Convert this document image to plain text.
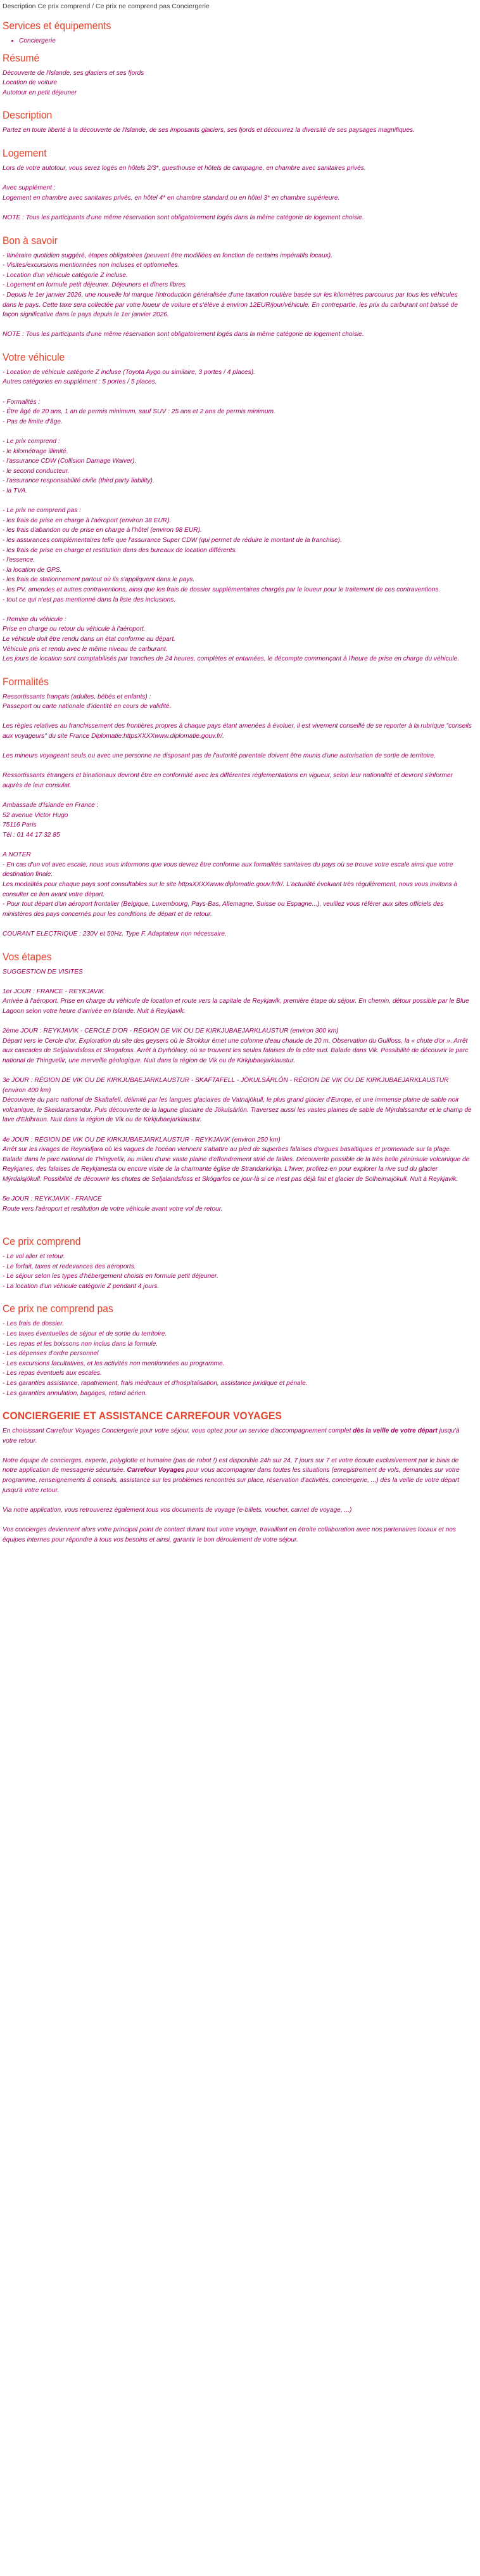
Description Ce prix comprend / Ce prix ne comprend pas Conciergerie
Services et équipements
• Conciergerie
Résumé

Découverte de l'Islande, ses glaciers et ses fjords

Location de voiture

Autotour en petit déjeuner

Description

Partez en toute liberté à la découverte de l'Islande, de ses imposants glaciers, ses fjords et découvrez la diversité de ses paysages magnifiques.

Logement

Lors de votre autotour, vous serez logés en hôtels 2/3*, guesthouse et hôtels de campagne, en chambre avec sanitaires privés.

Avec supplément :

Logement en chambre avec sanitaires privés, en hôtel 4* en chambre standard ou en hôtel 3* en chambre supérieure.

NOTE : Tous les participants d'une même réservation sont obligatoirement logés dans la même catégorie de logement choisie.

Bon à savoir

- Itinéraire quotidien suggéré, étapes obligatoires (peuvent être modifiées en fonction de certains impératifs locaux).

- Visites/excursions mentionnées non incluses et optionnelles.

- Location d'un véhicule catégorie Z incluse.

- Logement en formule petit déjeuner. Déjeuners et dîners libres.

- Depuis le 1er janvier 2026, une nouvelle loi marque l'introduction généralisée d'une taxation routière basée sur les kilomètres parcourus par tous les véhicules dans le pays. Cette taxe sera collectée par votre loueur de voiture et s'élève à environ 12EUR/jour/véhicule. En contrepartie, les prix du carburant ont baissé de façon significative dans le pays depuis le 1er janvier 2026.

NOTE : Tous les participants d'une même réservation sont obligatoirement logés dans la même catégorie de logement choisie.

Votre véhicule

- Location de véhicule catégorie Z incluse (Toyota Aygo ou similaire, 3 portes / 4 places).

Autres catégories en supplément : 5 portes / 5 places.

- Formalités :

- Être âgé de 20 ans, 1 an de permis minimum, sauf SUV : 25 ans et 2 ans de permis minimum.

- Pas de limite d'âge.

- Le prix comprend :

- le kilométrage illimité.

- l'assurance CDW (Collision Damage Waiver).

- le second conducteur.

- l'assurance responsabilité civile (third party liability).

- la TVA.

- Le prix ne comprend pas :

- les frais de prise en charge à l'aéroport (environ 38 EUR).

- les frais d'abandon ou de prise en charge à l'hôtel (environ 98 EUR).

- les assurances complémentaires telle que l'assurance Super CDW (qui permet de réduire le montant de la franchise).

- les frais de prise en charge et restitution dans des bureaux de location différents.

- l'essence.

- la location de GPS.

- les frais de stationnement partout où ils s'appliquent dans le pays.

- les PV, amendes et autres contraventions, ainsi que les frais de dossier supplémentaires chargés par le loueur pour le traitement de ces contraventions.

- tout ce qui n'est pas mentionné dans la liste des inclusions.

- Remise du véhicule :

Prise en charge ou retour du véhicule à l'aéroport.

Le véhicule doit être rendu dans un état conforme au départ.

Véhicule pris et rendu avec le même niveau de carburant.

Les jours de location sont comptabilisés par tranches de 24 heures, complètes et entamées, le décompte commençant à l'heure de prise en charge du véhicule.

Formalités

Ressortissants français (adultes, bébés et enfants) :

Passeport ou carte nationale d'identité en cours de validité.

Les règles relatives au franchissement des frontières propres à chaque pays étant amenées à évoluer, il est vivement conseillé de se reporter à la rubrique "conseils aux voyageurs" du site France Diplomatie:httpsXXXXwww.diplomatie.gouv.fr/.

Les mineurs voyageant seuls ou avec une personne ne disposant pas de l'autorité parentale doivent être munis d'une autorisation de sortie de territoire.

Ressortissants étrangers et binationaux devront être en conformité avec les différentes réglementations en vigueur, selon leur nationalité et devront s'informer auprès de leur consulat.

Ambassade d'Islande en France :

52 avenue Victor Hugo

75116 Paris

Tél : 01 44 17 32 85

A NOTER

- En cas d'un vol avec escale, nous vous informons que vous devrez être conforme aux formalités sanitaires du pays où se trouve votre escale ainsi que votre destination finale.

Les modalités pour chaque pays sont consultables sur le site httpsXXXXwww.diplomatie.gouv.fr/fr/. L'actualité évoluant très régulièrement, nous vous invitons à consulter ce lien avant votre départ.

- Pour tout départ d'un aéroport frontalier (Belgique, Luxembourg, Pays-Bas, Allemagne, Suisse ou Espagne...), veuillez vous référer aux sites officiels des ministères des pays concernés pour les conditions de départ et de retour.

COURANT ELECTRIQUE : 230V et 50Hz. Type F. Adaptateur non nécessaire.

Vos étapes

SUGGESTION DE VISITES

1er JOUR : FRANCE - REYKJAVIK

Arrivée à l'aéroport. Prise en charge du véhicule de location et route vers la capitale de Reykjavik, première étape du séjour. En chemin, détour possible par le Blue Lagoon selon votre heure d'arrivée en Islande. Nuit à Reykjavik.

2ème JOUR : REYKJAVIK - CERCLE D'OR - RÉGION DE VIK OU DE KIRKJUBAEJARKLAUSTUR (environ 300 km)

Départ vers le Cercle d'or. Exploration du site des geysers où le Strokkur émet une colonne d'eau chaude de 20 m. Observation du Gullfoss, la « chute d'or ». Arrêt aux cascades de Seljalandsfoss et Skogafoss. Arrêt à Dyrhólaey, où se trouvent les seules falaises de la côte sud. Balade dans Vik. Possibilité de découvrir le parc national de Thingvellir, une merveille géologique. Nuit dans la région de Vik ou de Kirkjubaejarklaustur.

3e JOUR : RÉGION DE VIK OU DE KIRKJUBAEJARKLAUSTUR - SKAFTAFELL - JÖKULSÁRLÓN - RÉGION DE VIK OU DE KIRKJUBAEJARKLAUSTUR (environ 400 km)

Découverte du parc national de Skaftafell, délimité par les langues glaciaires de Vatnajökull, le plus grand glacier d'Europe, et une immense plaine de sable noir volcanique, le Skeidararsandur. Puis découverte de la lagune glaciaire de Jökulsárlón. Traversez aussi les vastes plaines de sable de Mýrdalssandur et le champ de lave d'Eldhraun. Nuit dans la région de Vik ou de Kirkjubaejarklaustur.

4e JOUR : RÉGION DE VIK OU DE KIRKJUBAEJARKLAUSTUR - REYKJAVIK (environ 250 km)

Arrêt sur les rivages de Reynisfjara où les vagues de l'océan viennent s'abattre au pied de superbes falaises d'orgues basaltiques et promenade sur la plage. Balade dans le parc national de Thingvellir, au milieu d'une vaste plaine d'effondrement strié de failles. Découverte possible de la très belle péninsule volcanique de Reykjanes, des falaises de Reykjanesta ou encore visite de la charmante église de Strandarkirkja. L'hiver, profitez-en pour explorer la rive sud du glacier Mýrdalsjökull. Possibilité de découvrir les chutes de Seljalandsfoss et Skógarfos ce jour-là si ce n'est pas déjà fait et glacier de Solheimajökull. Nuit à Reykjavik.

5e JOUR : REYKJAVIK - FRANCE

Route vers l'aéroport et restitution de votre véhicule avant votre vol de retour.

Ce prix comprend

- Le vol aller et retour.

- Le forfait, taxes et redevances des aéroports.

- Le séjour selon les types d'hébergement choisis en formule petit déjeuner.

- La location d'un véhicule catégorie Z pendant 4 jours.

Ce prix ne comprend pas

- Les frais de dossier.

- Les taxes éventuelles de séjour et de sortie du territoire.

- Les repas et les boissons non inclus dans la formule.

- Les dépenses d'ordre personnel

- Les excursions facultatives, et les activités non mentionnées au programme.

- Les repas éventuels aux escales.

- Les garanties assistance, rapatriement, frais médicaux et d'hospitalisation, assistance juridique et pénale.

- Les garanties annulation, bagages, retard aérien.

CONCIERGERIE ET ASSISTANCE CARREFOUR VOYAGES

En choisissant Carrefour Voyages Conciergerie pour votre séjour, vous optez pour un service d'accompagnement complet dès la veille de votre départ jusqu'à votre retour.

Notre équipe de concierges, experte, polyglotte et humaine (pas de robot !) est disponible 24h sur 24, 7 jours sur 7 et votre écoute exclusivement par le biais de notre application de messagerie sécurisée. Carrefour Voyages pour vous accompagner dans toutes les situations (enregistrement de vols, demandes sur votre programme, renseignements & conseils, assistance sur les problèmes rencontrés sur place, réservation d'activités, conciergerie, ...) dès la veille de votre départ jusqu'à votre retour.

Via notre application, vous retrouverez également tous vos documents de voyage (e-billets, voucher, carnet de voyage, ...)

Vos concierges deviennent alors votre principal point de contact durant tout votre voyage, travaillant en étroite collaboration avec nos partenaires locaux et nos équipes internes pour répondre à tous vos besoins et ainsi, garantir le bon déroulement de votre séjour.
